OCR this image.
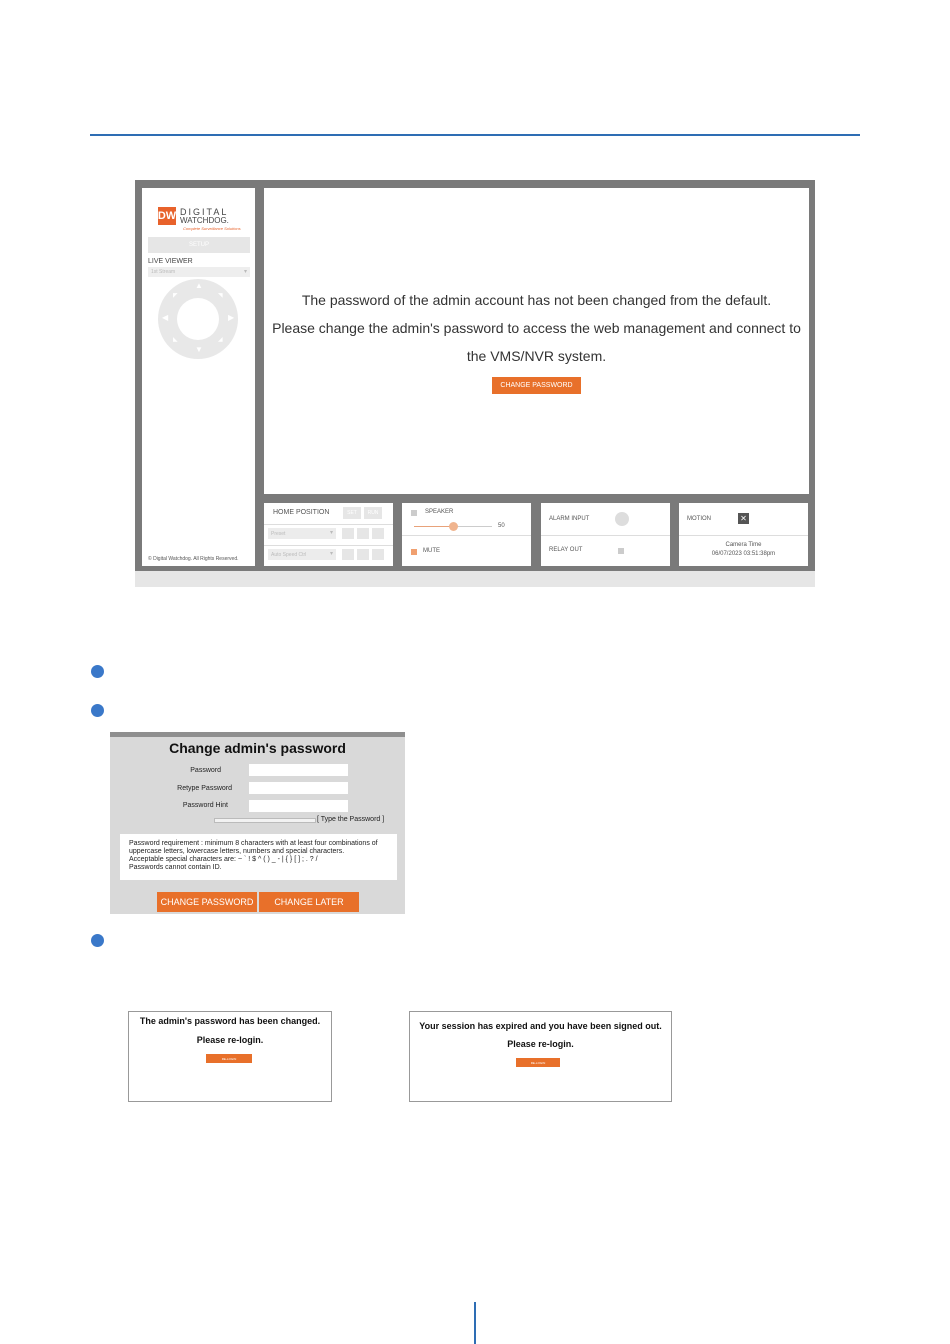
DW DIGITAL
WATCHDOG.
Complete Surveillance Solutions
SETUP
LIVE VIEWER
1st Stream	▾
▲
▼
◀	▶
◤	◥
◣	◢
© Digital Watchdog. All Rights Reserved.
The password of the admin account has not been changed from the default.
Please change the admin's password to access the web management and connect to
the VMS/NVR system.
CHANGE PASSWORD
HOME POSITION	SET	RUN
Preset	▾
Auto Speed Ctrl	▾
SPEAKER
50
MUTE
ALARM INPUT
RELAY OUT
MOTION	✕
Camera Time
06/07/2023 03:51:38pm
Change admin's password
Password
Retype Password
Password Hint
[ Type the Password ]
Password requirement : minimum 8 characters with at least four combinations of
uppercase letters, lowercase letters, numbers and special characters.
Acceptable special characters are: ~ ` ! $ ^ ( ) _ - | { } [ ] ; . ? /
Passwords cannot contain ID.
CHANGE PASSWORD	CHANGE LATER
The admin's password has been changed.
Please re-login.
RE-LOGIN
Your session has expired and you have been signed out.
Please re-login.
RE-LOGIN
